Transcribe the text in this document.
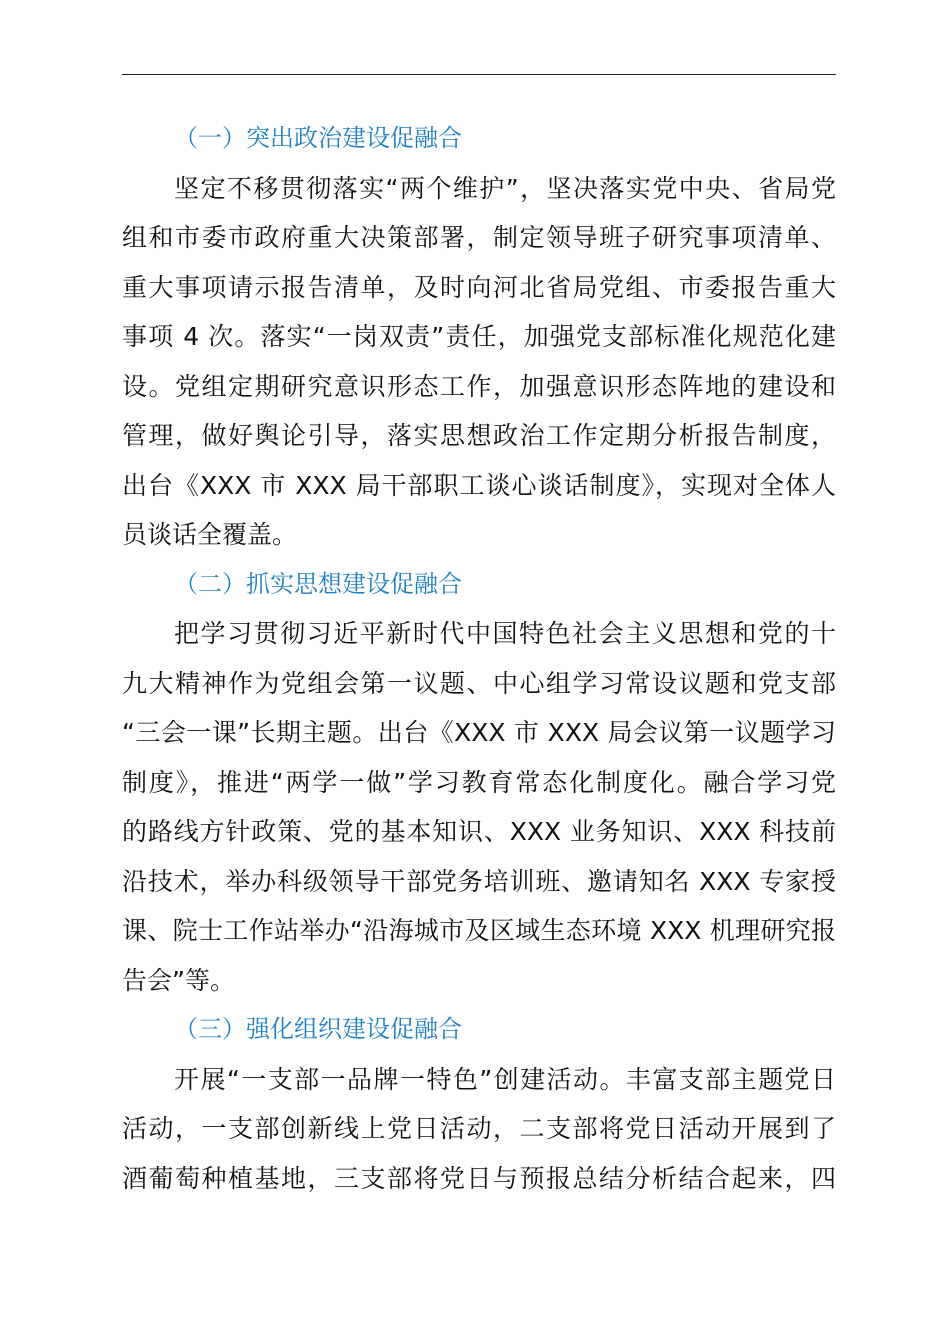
（一）突出政治建设促融合

坚定不移贯彻落实“两个维护”，坚决落实党中央、省局党
组和市委市政府重大决策部署，制定领导班子研究事项清单、
重大事项请示报告清单，及时向河北省局党组、市委报告重大
事项 4 次。落实“一岗双责”责任，加强党支部标准化规范化建
设。党组定期研究意识形态工作，加强意识形态阵地的建设和
管理，做好舆论引导，落实思想政治工作定期分析报告制度，
出台《XXX 市 XXX 局干部职工谈心谈话制度》，实现对全体人
员谈话全覆盖。

（二）抓实思想建设促融合

把学习贯彻习近平新时代中国特色社会主义思想和党的十
九大精神作为党组会第一议题、中心组学习常设议题和党支部
“三会一课”长期主题。出台《XXX 市 XXX 局会议第一议题学习
制度》，推进“两学一做”学习教育常态化制度化。融合学习党
的路线方针政策、党的基本知识、XXX 业务知识、XXX 科技前
沿技术，举办科级领导干部党务培训班、邀请知名 XXX 专家授
课、院士工作站举办“沿海城市及区域生态环境 XXX 机理研究报
告会”等。

（三）强化组织建设促融合

开展“一支部一品牌一特色”创建活动。丰富支部主题党日
活动，一支部创新线上党日活动，二支部将党日活动开展到了
酒葡萄种植基地，三支部将党日与预报总结分析结合起来，四
